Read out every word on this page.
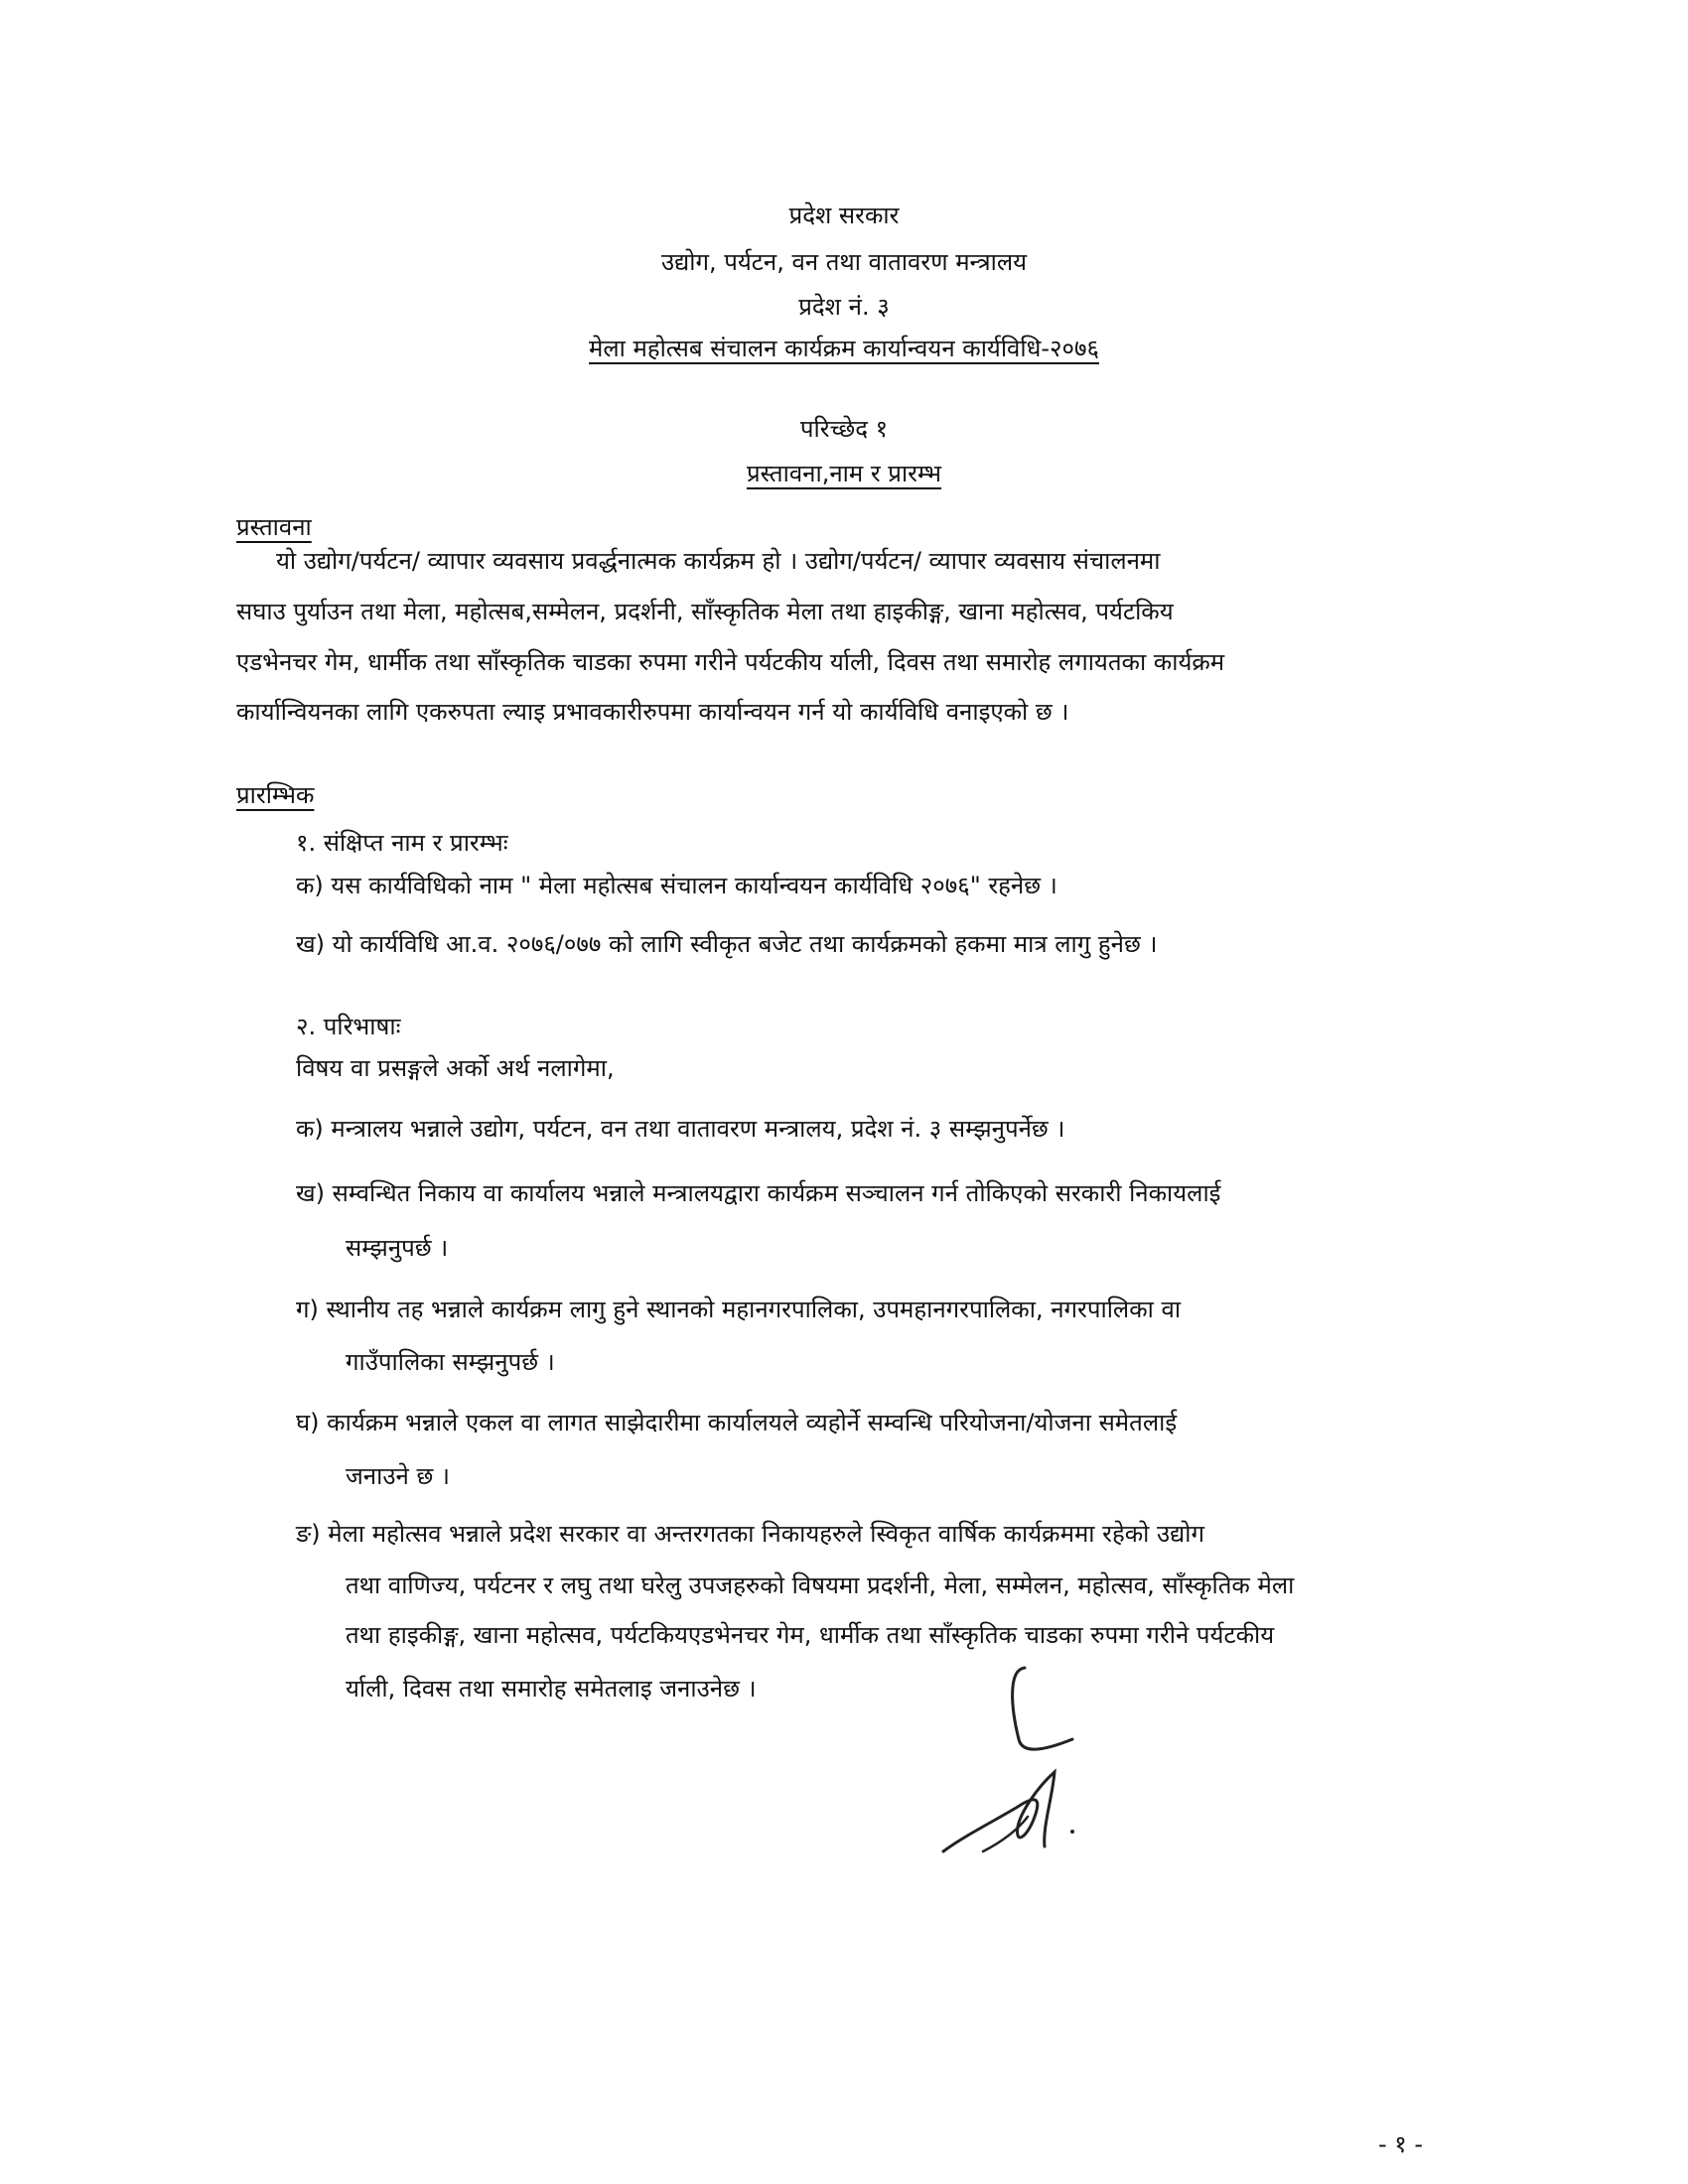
प्रदेश सरकार
उद्योग, पर्यटन, वन तथा वातावरण मन्त्रालय
प्रदेश नं. ३
मेला महोत्सब संचालन कार्यक्रम कार्यान्वयन कार्यविधि-२०७६
परिच्छेद १
प्रस्तावना,नाम र प्रारम्भ
प्रस्तावना
यो उद्योग/पर्यटन/ व्यापार व्यवसाय प्रवर्द्धनात्मक कार्यक्रम हो । उद्योग/पर्यटन/ व्यापार व्यवसाय संचालनमा
सघाउ पुर्याउन तथा मेला, महोत्सब,सम्मेलन, प्रदर्शनी, साँस्कृतिक मेला तथा हाइकीङ्ग, खाना महोत्सव, पर्यटकिय
एडभेनचर गेम, धार्मीक तथा साँस्कृतिक चाडका रुपमा गरीने पर्यटकीय र्याली, दिवस तथा समारोह लगायतका कार्यक्रम
कार्यान्वियनका लागि एकरुपता ल्याइ प्रभावकारीरुपमा कार्यान्वयन गर्न यो कार्यविधि वनाइएको छ ।
प्रारम्भिक
१. संक्षिप्त नाम र प्रारम्भः
क) यस कार्यविधिको नाम " मेला महोत्सब संचालन कार्यान्वयन कार्यविधि २०७६" रहनेछ ।
ख) यो कार्यविधि आ.व. २०७६/०७७ को लागि स्वीकृत बजेट तथा कार्यक्रमको हकमा मात्र लागु हुनेछ ।
२. परिभाषाः
विषय वा प्रसङ्गले अर्को अर्थ नलागेमा,
क) मन्त्रालय भन्नाले उद्योग, पर्यटन, वन तथा वातावरण मन्त्रालय, प्रदेश नं. ३ सम्झनुपर्नेछ ।
ख) सम्वन्धित निकाय वा कार्यालय भन्नाले मन्त्रालयद्वारा कार्यक्रम सञ्चालन गर्न तोकिएको सरकारी निकायलाई
सम्झनुपर्छ ।
ग) स्थानीय तह भन्नाले कार्यक्रम लागु हुने स्थानको महानगरपालिका, उपमहानगरपालिका, नगरपालिका वा
गाउँपालिका सम्झनुपर्छ ।
घ) कार्यक्रम भन्नाले एकल वा लागत साझेदारीमा कार्यालयले व्यहोर्ने सम्वन्धि परियोजना/योजना समेतलाई
जनाउने छ ।
ङ) मेला महोत्सव भन्नाले प्रदेश सरकार वा अन्तरगतका निकायहरुले स्विकृत वार्षिक कार्यक्रममा रहेको उद्योग
तथा वाणिज्य, पर्यटनर र लघु तथा घरेलु उपजहरुको विषयमा प्रदर्शनी, मेला, सम्मेलन, महोत्सव, साँस्कृतिक मेला
तथा हाइकीङ्ग, खाना महोत्सव, पर्यटकियएडभेनचर गेम, धार्मीक तथा साँस्कृतिक चाडका रुपमा गरीने पर्यटकीय
र्याली, दिवस तथा समारोह समेतलाइ जनाउनेछ ।
- १ -
